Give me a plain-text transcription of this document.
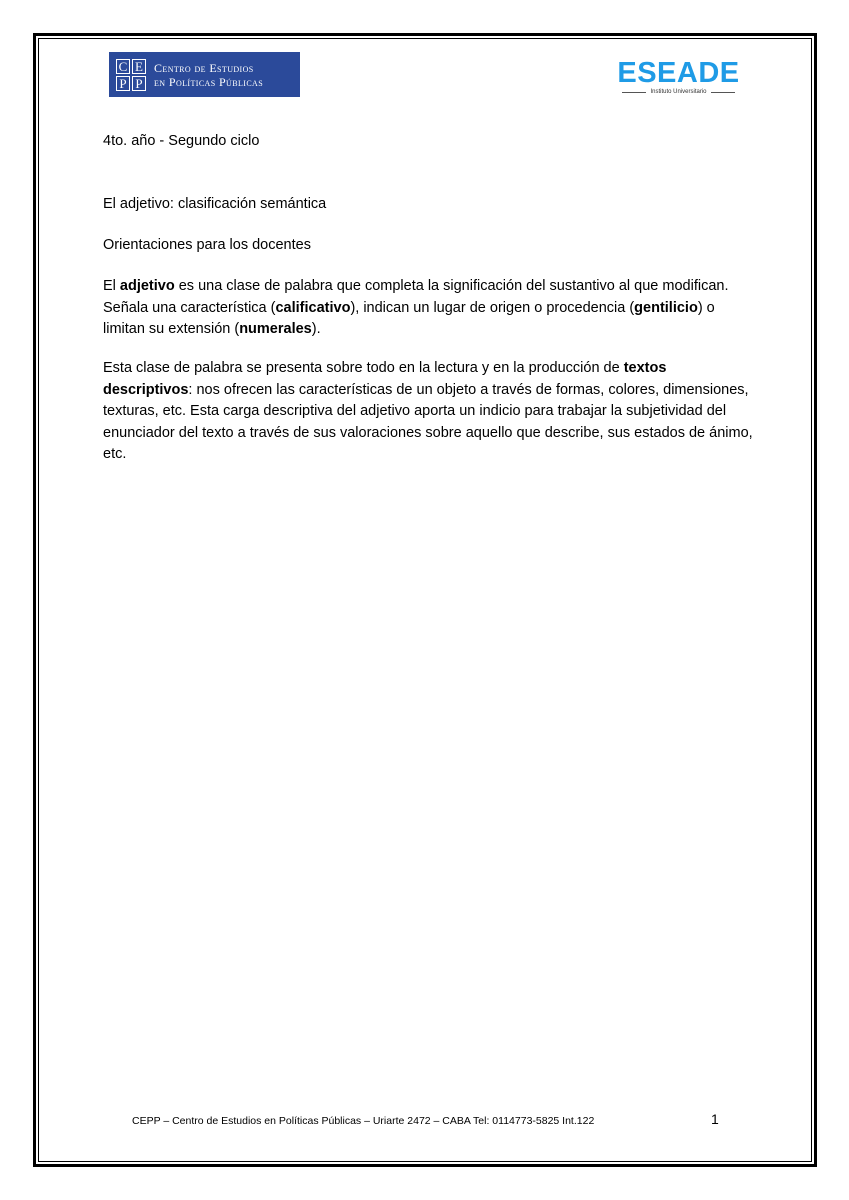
C E
P P
Centro de Estudios
en Políticas Públicas	ESEADE
Instituto Universitario

4to. año - Segundo ciclo

El adjetivo: clasificación semántica

Orientaciones para los docentes

El adjetivo es una clase de palabra que completa la significación del sustantivo al que modifican. Señala una característica (calificativo), indican un lugar de origen o procedencia (gentilicio) o limitan su extensión (numerales).

Esta clase de palabra se presenta sobre todo en la lectura y en la producción de textos descriptivos: nos ofrecen las características de un objeto a través de formas, colores, dimensiones, texturas, etc. Esta carga descriptiva del adjetivo aporta un indicio para trabajar la subjetividad del enunciador del texto a través de sus valoraciones sobre aquello que describe, sus estados de ánimo, etc.

CEPP – Centro de Estudios en Políticas Públicas – Uriarte 2472 – CABA Tel: 0114773-5825 Int.122	1
